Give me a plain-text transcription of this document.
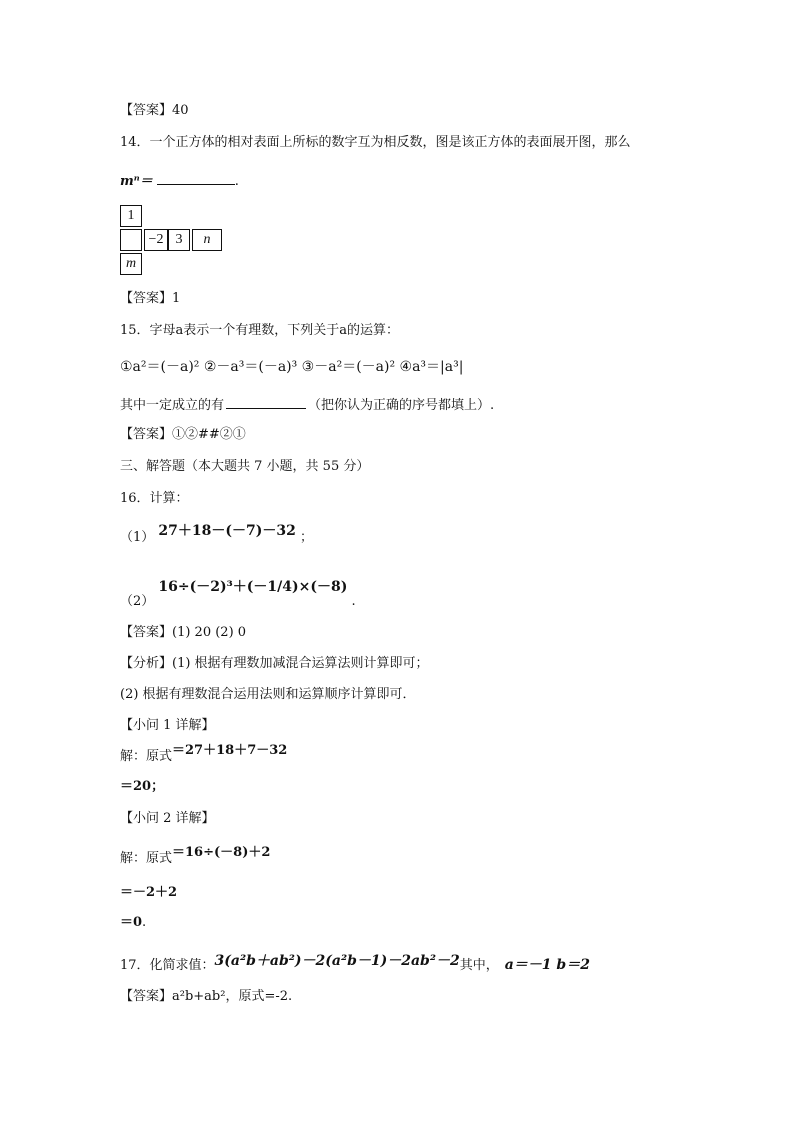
【答案】40
14．一个正方体的相对表面上所标的数字互为相反数，图是该正方体的表面展开图，那么
mⁿ＝	.
1
−2 3	n
m
【答案】1
15．字母a表示一个有理数，下列关于a的运算：
①a²＝(－a)² ②－a³＝(－a)³ ③－a²＝(－a)² ④a³＝|a³|
其中一定成立的有	（把你认为正确的序号都填上）.
【答案】①②##②①
三、解答题（本大题共 7 小题，共 55 分）
16．计算：
（1） 27＋18－(－7)－32 ；
（2） 16÷(－2)³＋(－1/4)×(－8) .
【答案】(1) 20 (2) 0
【分析】(1) 根据有理数加减混合运算法则计算即可；
(2) 根据有理数混合运用法则和运算顺序计算即可．
【小问 1 详解】
解：原式＝27＋18＋7－32
＝20；
【小问 2 详解】
解：原式＝16÷(－8)＋2
＝－2＋2
＝0.
17．化简求值：3(a²b＋ab²)－2(a²b－1)－2ab²－2其中， a＝－1 b＝2
【答案】a²b+ab²，原式=-2.
